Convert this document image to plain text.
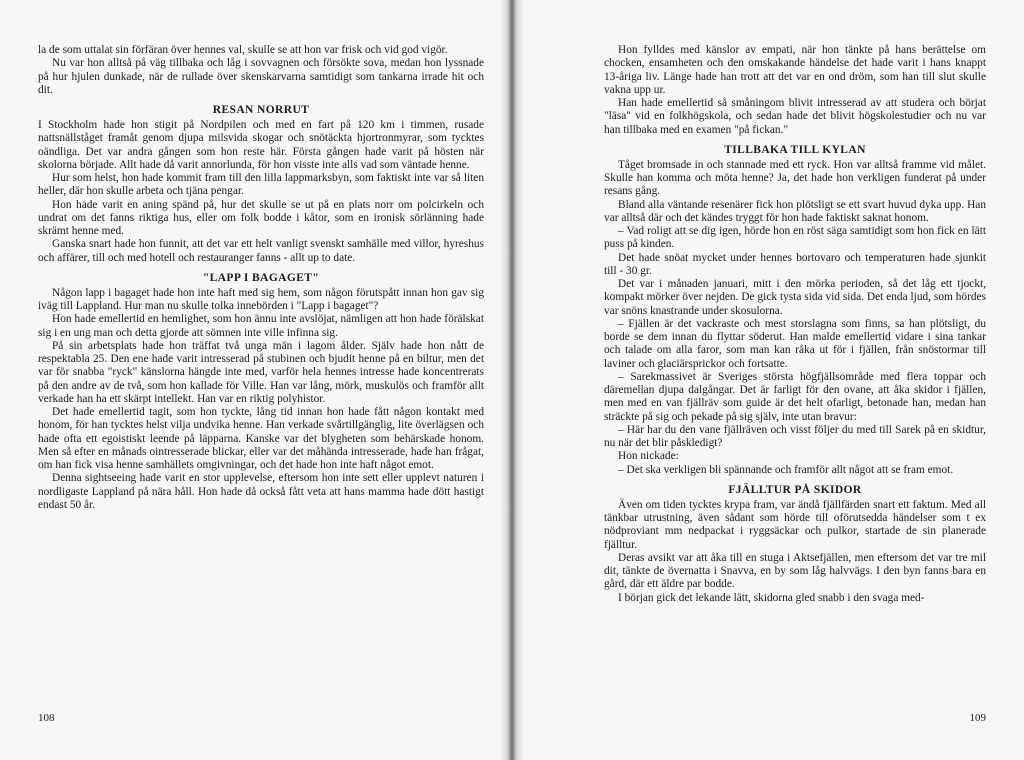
la de som uttalat sin förfäran över hennes val, skulle se att hon var frisk och vid god vigör.

Nu var hon alltså på väg tillbaka och låg i sovvagnen och försökte sova, medan hon lyssnade på hur hjulen dunkade, när de rullade över skenskarvarna samtidigt som tankarna irrade hit och dit.

RESAN NORRUT

I Stockholm hade hon stigit på Nordpilen och med en fart på 120 km i timmen, rusade nattsnällståget framåt genom djupa milsvida skogar och snötäckta hjortronmyrar, som tycktes oändliga. Det var andra gången som hon reste här. Första gången hade varit på hösten när skolorna började. Allt hade då varit annorlunda, för hon visste inte alls vad som väntade henne.

Hur som helst, hon hade kommit fram till den lilla lappmarksbyn, som faktiskt inte var så liten heller, där hon skulle arbeta och tjäna pengar.

Hon hade varit en aning spänd på, hur det skulle se ut på en plats norr om polcirkeln och undrat om det fanns riktiga hus, eller om folk bodde i kåtor, som en ironisk sörlänning hade skrämt henne med.

Ganska snart hade hon funnit, att det var ett helt vanligt svenskt samhälle med villor, hyreshus och affärer, till och med hotell och restauranger fanns - allt up to date.

"LAPP I BAGAGET"

Någon lapp i bagaget hade hon inte haft med sig hem, som någon förutspått innan hon gav sig iväg till Lappland. Hur man nu skulle tolka innebörden i "Lapp i bagaget"?

Hon hade emellertid en hemlighet, som hon ännu inte avslöjat, nämligen att hon hade förälskat sig i en ung man och detta gjorde att sömnen inte ville infinna sig.

På sin arbetsplats hade hon träffat två unga män i lagom ålder. Själv hade hon nått de respektabla 25. Den ene hade varit intresserad på stubinen och bjudit henne på en biltur, men det var för snabba "ryck" känslorna hängde inte med, varför hela hennes intresse hade koncentrerats på den andre av de två, som hon kallade för Ville. Han var lång, mörk, muskulös och framför allt verkade han ha ett skärpt intellekt. Han var en riktig polyhistor.

Det hade emellertid tagit, som hon tyckte, lång tid innan hon hade fått någon kontakt med honom, för han tycktes helst vilja undvika henne. Han verkade svårtillgänglig, lite överlägsen och hade ofta ett egoistiskt leende på läpparna. Kanske var det blygheten som behärskade honom. Men så efter en månads ointresserade blickar, eller var det måhända intresserade, hade han frågat, om han fick visa henne samhällets omgivningar, och det hade hon inte haft något emot.

Denna sightseeing hade varit en stor upplevelse, eftersom hon inte sett eller upplevt naturen i nordligaste Lappland på nära håll. Hon hade då också fått veta att hans mamma hade dött hastigt endast 50 år.

108

Hon fylldes med känslor av empati, när hon tänkte på hans berättelse om chocken, ensamheten och den omskakande händelse det hade varit i hans knappt 13-åriga liv. Länge hade han trott att det var en ond dröm, som han till slut skulle vakna upp ur.

Han hade emellertid så småningom blivit intresserad av att studera och börjat "läsa" vid en folkhögskola, och sedan hade det blivit högskolestudier och nu var han tillbaka med en examen "på fickan."

TILLBAKA TILL KYLAN

Tåget bromsade in och stannade med ett ryck. Hon var alltså framme vid målet. Skulle han komma och möta henne? Ja, det hade hon verkligen funderat på under resans gång.

Bland alla väntande resenärer fick hon plötsligt se ett svart huvud dyka upp. Han var alltså där och det kändes tryggt för hon hade faktiskt saknat honom.

– Vad roligt att se dig igen, hörde hon en röst säga samtidigt som hon fick en lätt puss på kinden.

Det hade snöat mycket under hennes bortovaro och temperaturen hade sjunkit till - 30 gr.

Det var i månaden januari, mitt i den mörka perioden, så det låg ett tjockt, kompakt mörker över nejden. De gick tysta sida vid sida. Det enda ljud, som hördes var snöns knastrande under skosulorna.

– Fjällen är det vackraste och mest storslagna som finns, sa han plötsligt, du borde se dem innan du flyttar söderut. Han malde emellertid vidare i sina tankar och talade om alla faror, som man kan råka ut för i fjällen, från snöstormar till laviner och glaciärsprickor och fortsatte.

– Sarekmassivet är Sveriges största högfjällsområde med flera toppar och däremellan djupa dalgångar. Det är farligt för den ovane, att åka skidor i fjällen, men med en van fjällräv som guide är det helt ofarligt, betonade han, medan han sträckte på sig och pekade på sig själv, inte utan bravur:

– Här har du den vane fjällräven och visst följer du med till Sarek på en skidtur, nu när det blir påskledigt?

Hon nickade:

– Det ska verkligen bli spännande och framför allt något att se fram emot.

FJÄLLTUR PÅ SKIDOR

Även om tiden tycktes krypa fram, var ändå fjällfärden snart ett faktum. Med all tänkbar utrustning, även sådant som hörde till oförutsedda händelser som t ex nödproviant mm nedpackat i ryggsäckar och pulkor, startade de sin planerade fjälltur.

Deras avsikt var att åka till en stuga i Aktsefjällen, men eftersom det var tre mil dit, tänkte de övernatta i Snavva, en by som låg halvvägs. I den byn fanns bara en gård, där ett äldre par bodde.

I början gick det lekande lätt, skidorna gled snabb i den svaga med-

109
